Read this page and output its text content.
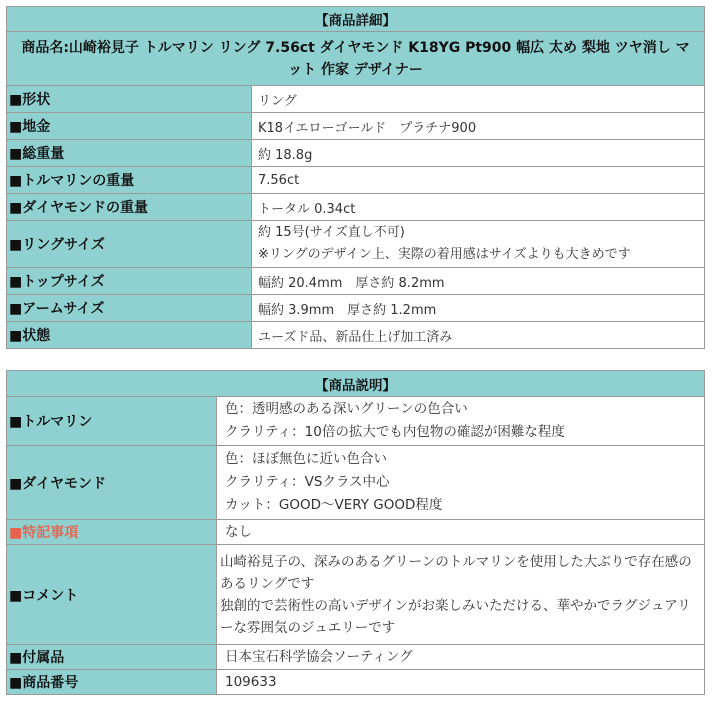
【商品詳細】	
商品名:山崎裕見子 トルマリン リング 7.56ct ダイヤモンド K18YG Pt900 幅広 太め 梨地 ツヤ消し マット 作家 デザイナー	
■形状	リング
■地金	K18イエローゴールド　プラチナ900
■総重量	約 18.8g
■トルマリンの重量	7.56ct
■ダイヤモンドの重量	トータル 0.34ct
■リングサイズ	約 15号(サイズ直し不可)
※リングのデザイン上、実際の着用感はサイズよりも大きめです

■トップサイズ	幅約 20.4mm　厚さ約 8.2mm
■アームサイズ	幅約 3.9mm　厚さ約 1.2mm
■状態	ユーズド品、新品仕上げ加工済み
【商品説明】	
■トルマリン	色：透明感のある深いグリーンの色合い
クラリティ：10倍の拡大でも内包物の確認が困難な程度

■ダイヤモンド	色：ほぼ無色に近い色合い
クラリティ：VSクラス中心
カット：GOOD～VERY GOOD程度

■特記事項	なし
■コメント	山崎裕見子の、深みのあるグリーンのトルマリンを使用した大ぶりで存在感のあるリングです
独創的で芸術性の高いデザインがお楽しみいただける、華やかでラグジュアリーな雰囲気のジュエリーです

■付属品	日本宝石科学協会ソーティング
■商品番号	109633
